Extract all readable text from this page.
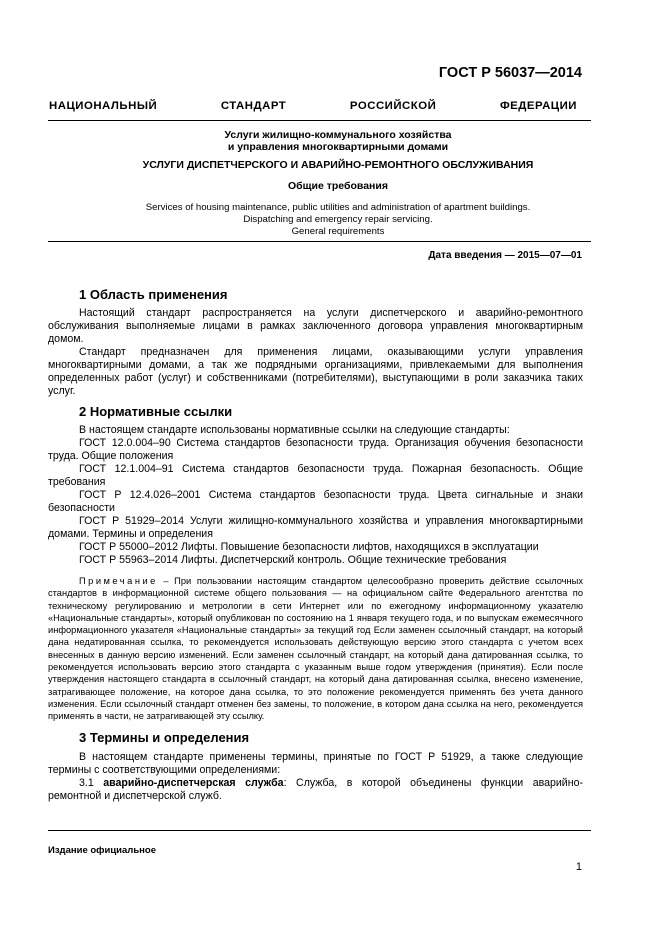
ГОСТ Р 56037—2014
НАЦИОНАЛЬНЫЙ СТАНДАРТ РОССИЙСКОЙ ФЕДЕРАЦИИ
Услуги жилищно-коммунального хозяйства
и управления многоквартирными домами
УСЛУГИ ДИСПЕТЧЕРСКОГО И АВАРИЙНО-РЕМОНТНОГО ОБСЛУЖИВАНИЯ
Общие требования
Services of housing maintenance, public utilities and administration of apartment buildings.
Dispatching and emergency repair servicing.
General requirements
Дата введения — 2015—07—01
1 Область применения

Настоящий стандарт распространяется на услуги диспетчерского и аварийно-ремонтного обслуживания выполняемые лицами в рамках заключенного договора управления многоквартирным домом.

Стандарт предназначен для применения лицами, оказывающими услуги управления многоквартирными домами, а так же подрядными организациями, привлекаемыми для выполнения определенных работ (услуг) и собственниками (потребителями), выступающими в роли заказчика таких услуг.

2 Нормативные ссылки

В настоящем стандарте использованы нормативные ссылки на следующие стандарты:

ГОСТ 12.0.004–90 Система стандартов безопасности труда. Организация обучения безопасности труда. Общие положения

ГОСТ 12.1.004–91 Система стандартов безопасности труда. Пожарная безопасность. Общие требования

ГОСТ Р 12.4.026–2001 Система стандартов безопасности труда. Цвета сигнальные и знаки безопасности

ГОСТ Р 51929–2014 Услуги жилищно-коммунального хозяйства и управления многоквартирными домами. Термины и определения

ГОСТ Р 55000–2012 Лифты. Повышение безопасности лифтов, находящихся в эксплуатации

ГОСТ Р 55963–2014 Лифты. Диспетчерский контроль. Общие технические требования

Примечание – При пользовании настоящим стандартом целесообразно проверить действие ссылочных стандартов в информационной системе общего пользования — на официальном сайте Федерального агентства по техническому регулированию и метрологии в сети Интернет или по ежегодному информационному указателю «Национальные стандарты», который опубликован по состоянию на 1 января текущего года, и по выпускам ежемесячного информационного указателя «Национальные стандарты» за текущий год Если заменен ссылочный стандарт, на который дана недатированная ссылка, то рекомендуется использовать действующую версию этого стандарта с учетом всех внесенных в данную версию изменений. Если заменен ссылочный стандарт, на который дана датированная ссылка, то рекомендуется использовать версию этого стандарта с указанным выше годом утверждения (принятия). Если после утверждения настоящего стандарта в ссылочный стандарт, на который дана датированная ссылка, внесено изменение, затрагивающее положение, на которое дана ссылка, то это положение рекомендуется применять без учета данного изменения. Если ссылочный стандарт отменен без замены, то положение, в котором дана ссылка на него, рекомендуется применять в части, не затрагивающей эту ссылку.

3 Термины и определения

В настоящем стандарте применены термины, принятые по ГОСТ Р 51929, а также следующие термины с соответствующими определениями:

3.1 аварийно-диспетчерская служба: Служба, в которой объединены функции аварийно-ремонтной и диспетчерской служб.

Издание официальное
1
